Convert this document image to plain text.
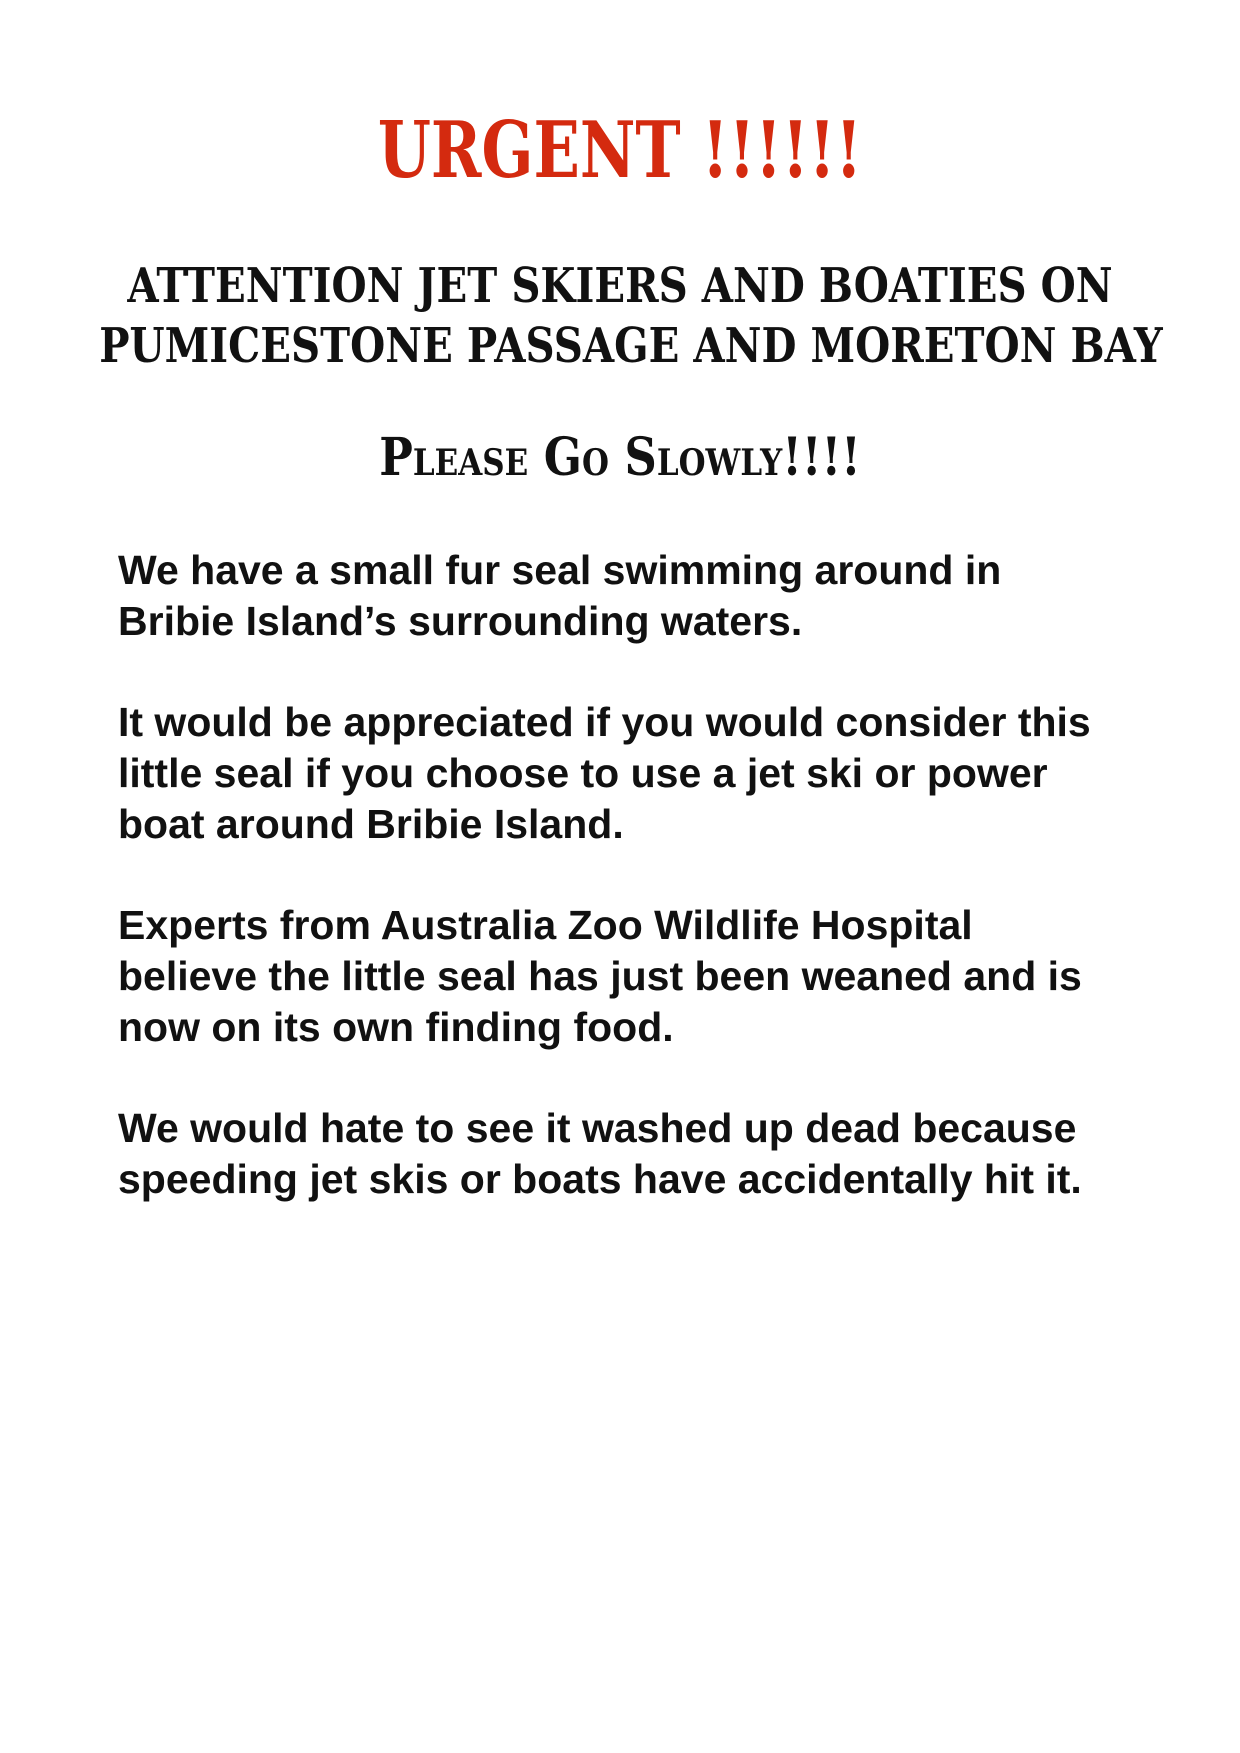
URGENT !!!!!!
ATTENTION JET SKIERS AND BOATIES ON
PUMICESTONE PASSAGE AND MORETON BAY
Please Go Slowly!!!!

We have a small fur seal swimming around in
Bribie Island’s surrounding waters.

It would be appreciated if you would consider this
little seal if you choose to use a jet ski or power
boat around Bribie Island.

Experts from Australia Zoo Wildlife Hospital
believe the little seal has just been weaned and is
now on its own finding food.

We would hate to see it washed up dead because
speeding jet skis or boats have accidentally hit it.
